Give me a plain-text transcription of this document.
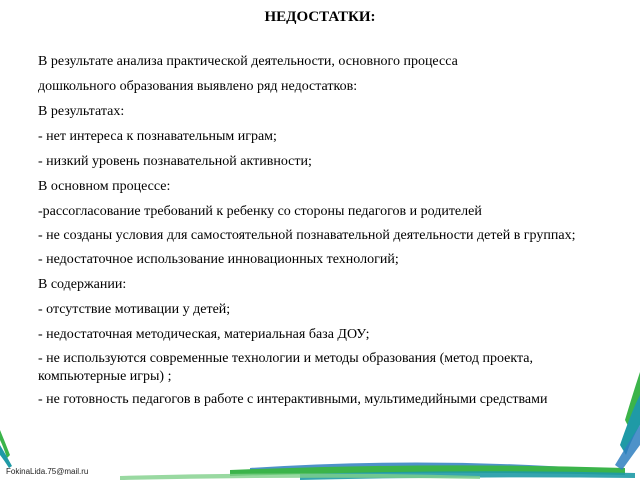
НЕДОСТАТКИ:
В результате анализа практической деятельности, основного процесса
дошкольного образования выявлено ряд недостатков:
В результатах:
- нет интереса к познавательным играм;
- низкий уровень познавательной активности;
В основном процессе:
-рассогласование требований к ребенку со стороны педагогов и родителей
- не созданы условия для самостоятельной познавательной деятельности детей в группах;
- недостаточное использование инновационных технологий;
В содержании:
- отсутствие мотивации у детей;
- недостаточная методическая, материальная база ДОУ;
- не используются современные технологии и методы образования (метод проекта, компьютерные игры) ;
- не готовность педагогов в работе с интерактивными, мультимедийными средствами
FokinaLida.75@mail.ru
